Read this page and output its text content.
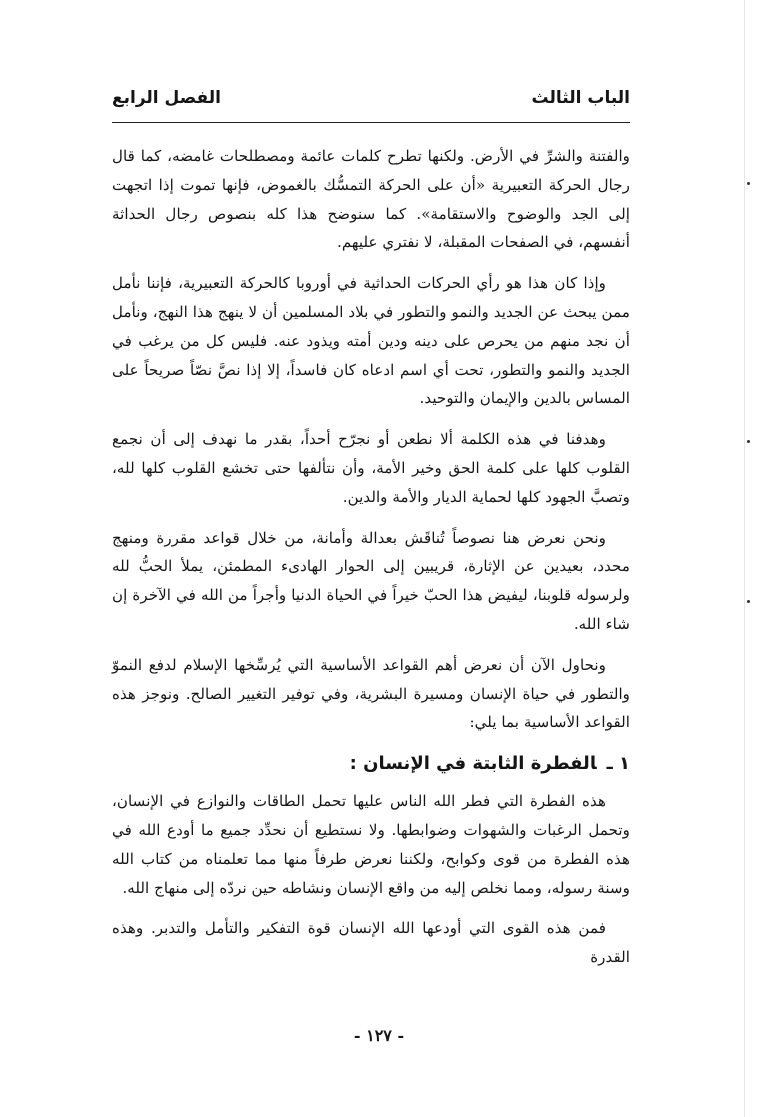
الباب الثالث
الفصل الرابع

والفتنة والشرِّ في الأرض. ولكنها تطرح كلمات عائمة ومصطلحات غامضه، كما قال رجال الحركة التعبيرية «أن على الحركة التمسُّك بالغموض، فإنها تموت إذا اتجهت إلى الجد والوضوح والاستقامة». كما سنوضح هذا كله بنصوص رجال الحداثة أنفسهم، في الصفحات المقبلة، لا نفتري عليهم.

وإذا كان هذا هو رأي الحركات الحداثية في أوروبا كالحركة التعبيرية، فإننا نأمل ممن يبحث عن الجديد والنمو والتطور في بلاد المسلمين أن لا ينهج هذا النهج، ونأمل أن نجد منهم من يحرص على دينه ودين أمته ويذود عنه. فليس كل من يرغب في الجديد والنمو والتطور، تحت أي اسم ادعاه كان فاسداً، إلا إذا نصَّ نصّاً صريحاً على المساس بالدين والإيمان والتوحيد.

وهدفنا في هذه الكلمة ألا نطعن أو نجرّح أحداً، بقدر ما نهدف إلى أن نجمع القلوب كلها على كلمة الحق وخير الأمة، وأن نتألفها حتى تخشع القلوب كلها لله، وتصبَّ الجهود كلها لحماية الديار والأمة والدين.

ونحن نعرض هنا نصوصاً تُناقَش بعدالة وأمانة، من خلال قواعد مقررة ومنهج محدد، بعيدين عن الإثارة، قريبين إلى الحوار الهادىء المطمئن، يملأ الحبُّ لله ولرسوله قلوبنا، ليفيض هذا الحبّ خيراً في الحياة الدنيا وأجراً من الله في الآخرة إن شاء الله.

ونحاول الآن أن نعرض أهم القواعد الأساسية التي يُرسِّخها الإسلام لدفع النموّ والتطور في حياة الإنسان ومسيرة البشرية، وفي توفير التغيير الصالح. ونوجز هذه القواعد الأساسية بما يلي:

١ ـالفطرة الثابتة في الإنسان :

هذه الفطرة التي فطر الله الناس عليها تحمل الطاقات والنوازع في الإنسان، وتحمل الرغبات والشهوات وضوابطها. ولا نستطيع أن نحدِّد جميع ما أودع الله في هذه الفطرة من قوى وكوابح، ولكننا نعرض طرفاً منها مما تعلمناه من كتاب الله وسنة رسوله، ومما نخلص إليه من واقع الإنسان ونشاطه حين نردّه إلى منهاج الله.

فمن هذه القوى التي أودعها الله الإنسان قوة التفكير والتأمل والتدبر. وهذه القدرة

- ١٢٧ -
